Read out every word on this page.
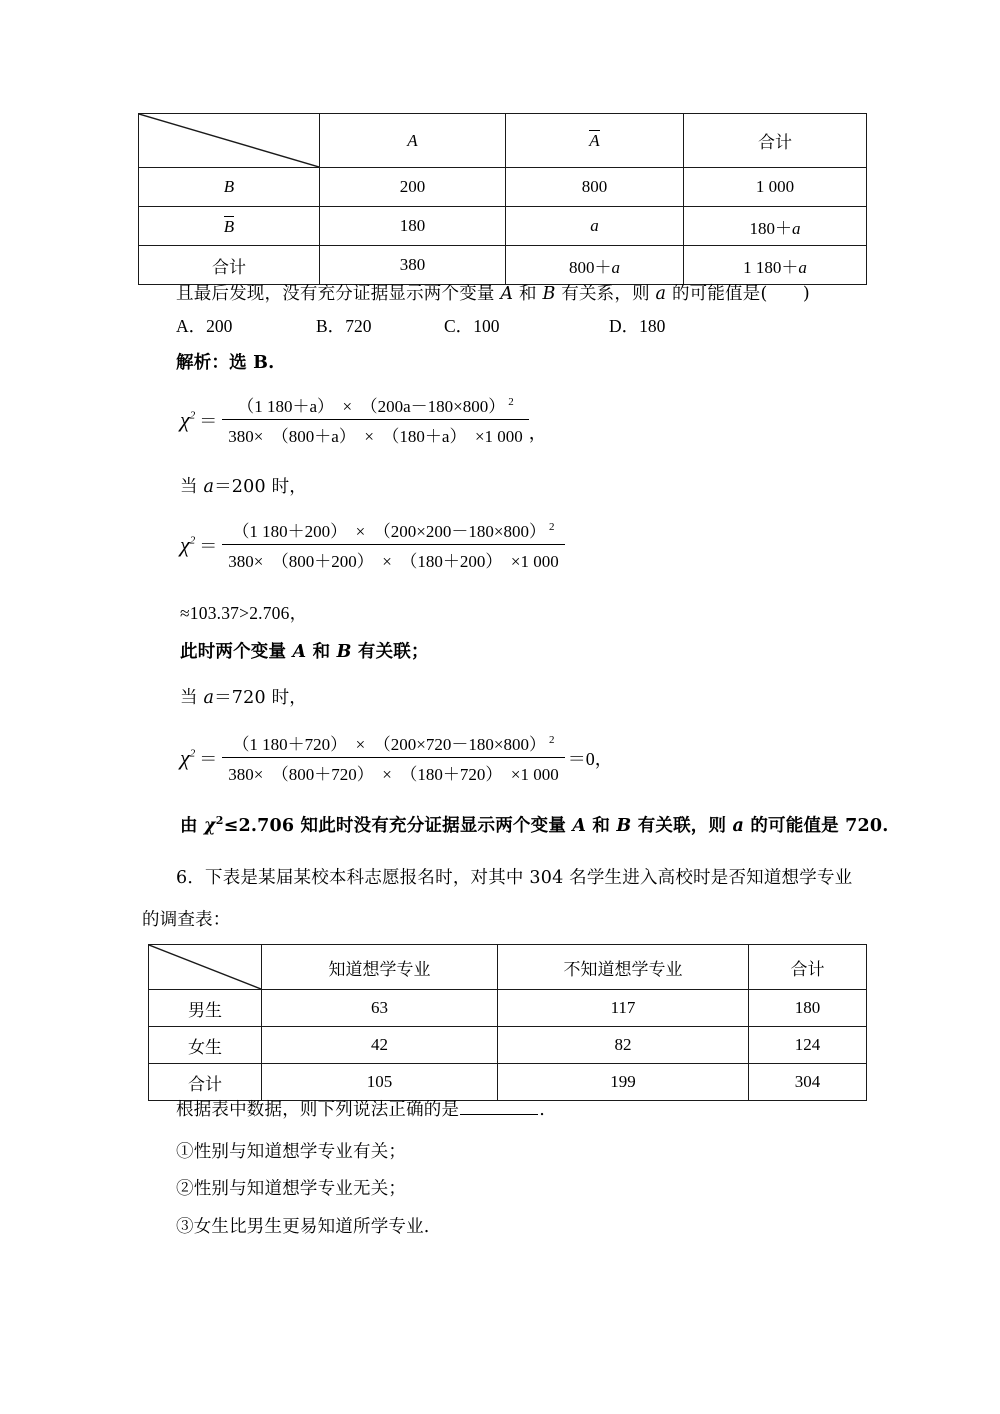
	A	A	合计
B	200	800	1 000
B	180	a	180＋a
合计	380	800＋a	1 180＋a
且最后发现，没有充分证据显示两个变量 A 和 B 有关系，则 a 的可能值是(　　)
A．200	B．720	C．100	D．180
解析：选 B.
$\chi^2 = \frac{(1 180+a) \times (200a-180\times 800) ^2}{380\times (800+a) \times (180+a) \times 1 000}$ ，
当 a＝200 时，
$\chi^2 = \frac{(1 180+200) \times (200\times 200-180\times 800) ^2}{380\times (800+200) \times (180+200) \times 1 000}$
≈103.37>2.706，
此时两个变量 A 和 B 有关联；
当 a＝720 时，
$\chi^2 = \frac{(1 180+720) \times (200\times 720-180\times 800) ^2}{380\times (800+720) \times (180+720) \times 1 000} =0$，
由 $\chi^2\le 2.706$ 知此时没有充分证据显示两个变量 A 和 B 有关联，则 a 的可能值是 720.
6．下表是某届某校本科志愿报名时，对其中 304 名学生进入高校时是否知道想学专业的调查表：
	知道想学专业	不知道想学专业	合计
男生	63	117	180
女生	42	82	124
合计	105	199	304
根据表中数据，则下列说法正确的是	.
①性别与知道想学专业有关；
②性别与知道想学专业无关；
③女生比男生更易知道所学专业.
